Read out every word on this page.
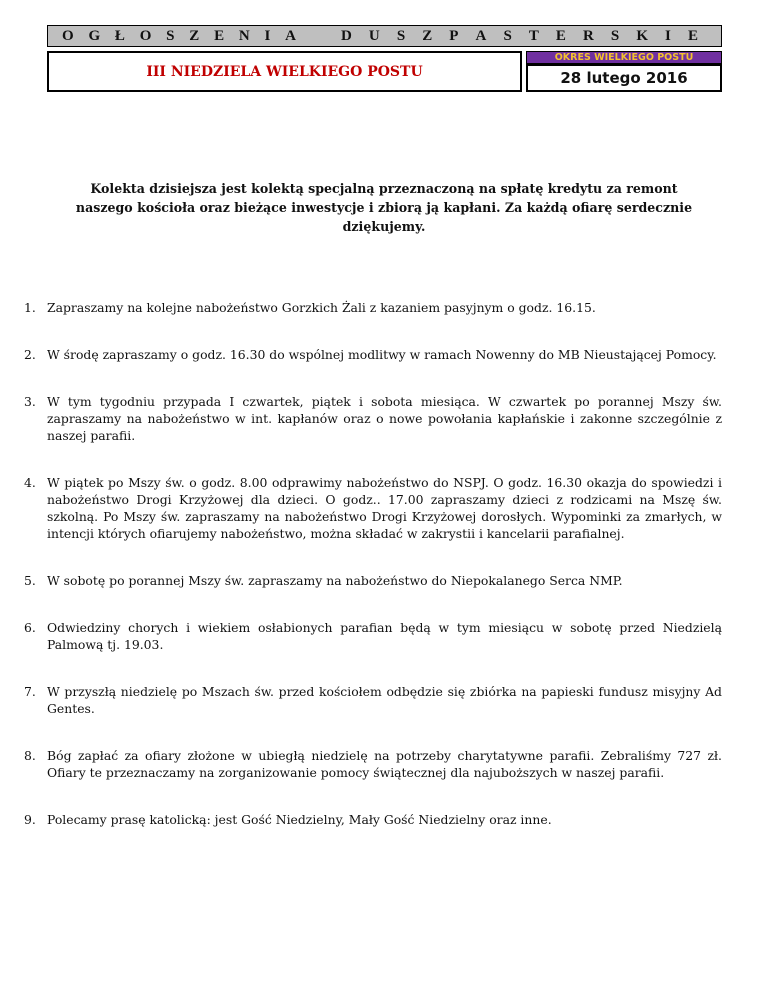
O G Ł O S Z E N I A	D U S Z P A S T E R S K I E
III NIEDZIELA WIELKIEGO POSTU
OKRES WIELKIEGO POSTU
28 lutego 2016
Kolekta dzisiejsza jest kolektą specjalną przeznaczoną na spłatę kredytu za remont naszego kościoła oraz bieżące inwestycje i zbiorą ją kapłani. Za każdą ofiarę serdecznie dziękujemy.
1. Zapraszamy na kolejne nabożeństwo Gorzkich Żali z kazaniem pasyjnym o godz. 16.15.
2. W środę zapraszamy o godz. 16.30 do wspólnej modlitwy w ramach Nowenny do MB Nieustającej Pomocy.
3. W tym tygodniu przypada I czwartek, piątek i sobota miesiąca. W czwartek po porannej Mszy św. zapraszamy na nabożeństwo w int. kapłanów oraz o nowe powołania kapłańskie i zakonne szczególnie z naszej parafii.
4. W piątek po Mszy św. o godz. 8.00 odprawimy nabożeństwo do NSPJ. O godz. 16.30 okazja do spowiedzi i nabożeństwo Drogi Krzyżowej dla dzieci. O godz.. 17.00 zapraszamy dzieci z rodzicami na Mszę św. szkolną. Po Mszy św. zapraszamy na nabożeństwo Drogi Krzyżowej dorosłych. Wypominki za zmarłych, w intencji których ofiarujemy nabożeństwo, można składać w zakrystii i kancelarii parafialnej.
5. W sobotę po porannej Mszy św. zapraszamy na nabożeństwo do Niepokalanego Serca NMP.
6. Odwiedziny chorych i wiekiem osłabionych parafian będą w tym miesiącu w sobotę przed Niedzielą Palmową tj. 19.03.
7. W przyszłą niedzielę po Mszach św. przed kościołem odbędzie się zbiórka na papieski fundusz misyjny Ad Gentes.
8. Bóg zapłać za ofiary złożone w ubiegłą niedzielę na potrzeby charytatywne parafii. Zebraliśmy 727 zł. Ofiary te przeznaczamy na zorganizowanie pomocy świątecznej dla najuboższych w naszej parafii.
9. Polecamy prasę katolicką: jest Gość Niedzielny, Mały Gość Niedzielny oraz inne.
